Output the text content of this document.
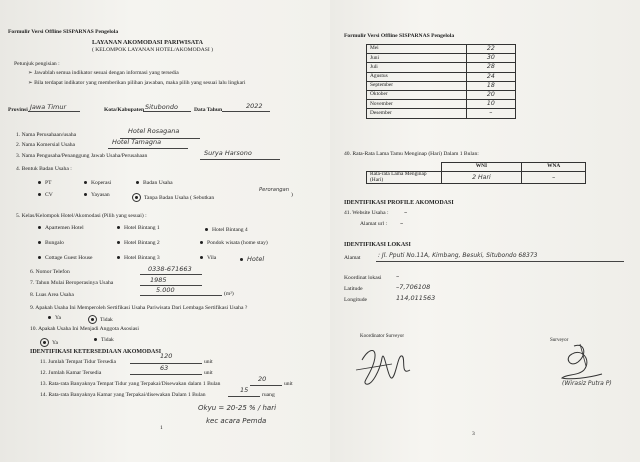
Formulir Versi Offline SISPARNAS Pengelola
LAYANAN AKOMODASI PARIWISATA
( KELOMPOK LAYANAN HOTEL/AKOMODASI )
Petunjuk pengisian :
➢ Jawablah semua indikator sesuai dengan informasi yang tersedia
➢ Bila terdapat indikator yang memberikan pilihan jawaban, maka pilih yang sesuai lalu lingkari
Provinsi Jawa Timur	Kota/Kabupaten Situbondo	Data Tahun	2022
1. Nama Perusahaan/usaha	Hotel Rosagana
2. Nama Komersial Usaha	Hotel Tamagna
3. Nama Pengusaha/Penanggung Jawab Usaha/Perusahaan	Surya Harsono
4. Bentuk Badan Usaha :
PT	Koperasi	Badan Usaha
CV	Yayasan	Tanpa Badan Usaha ( Sebutkan
Perorangan
)
5. Kelas/Kelompok Hotel/Akomodasi (Pilih yang sesuai) :
Apartemen Hotel	Hotel Bintang 1	Hotel Bintang 4
Bungalo	Hotel Bintang 2	Pondok wisata (home stay)
Cottage Guest House	Hotel Bintang 3	Vila	Hotel
6. Nomor Telefon	0338-671663
7. Tahun Mulai Beroperasinya Usaha	1985
8. Luas Area Usaha
5.000	(m²)
9. Apakah Usaha Ini Memperoleh Sertifikasi Usaha Pariwisata Dari Lembaga Sertifikasi Usaha ?
Ya	Tidak
10. Apakah Usaha Ini Menjadi Anggota Asosiasi
Ya	Tidak
IDENTIFIKASI KETERSEDIAAN AKOMODASI
11. Jumlah Tempat Tidur Tersedia
120
unit
12. Jumlah Kamar Tersedia
63
unit
13. Rata-rata Banyaknya Tempat Tidur yang Terpakai/Disewakan dalam 1 Bulan
20
unit
14. Rata-rata Banyaknya Kamar yang Terpakai/disewakan Dalam 1 Bulan
15
ruang
Okyu = 20-25 % / hari
kec acara Pemda
1
Formulir Versi Offline SISPARNAS Pengelola
Mei	22
Juni	30
Juli	28
Agustus	24
September	18
Oktober	20
November	10
Desember	–
40. Rata-Rata Lama Tamu Menginap (Hari) Dalam 1 Bulan:
	WNI	WNA
Rata-rata Lama Menginap (Hari)	2 Hari	–
IDENTIFIKASI PROFILE AKOMODASI
41. Website Usaha : –
Alamat url : –
IDENTIFIKASI LOKASI
Alamat	: Jl. Pputi No.11A, Kimbang, Besuki, Situbondo 68373
Koordinat lokasi –
Latitude	–7,706108
Longitude	114,011563
Koordinator Surveyor
Surveyor
(Wirasiz Putra P)
3
